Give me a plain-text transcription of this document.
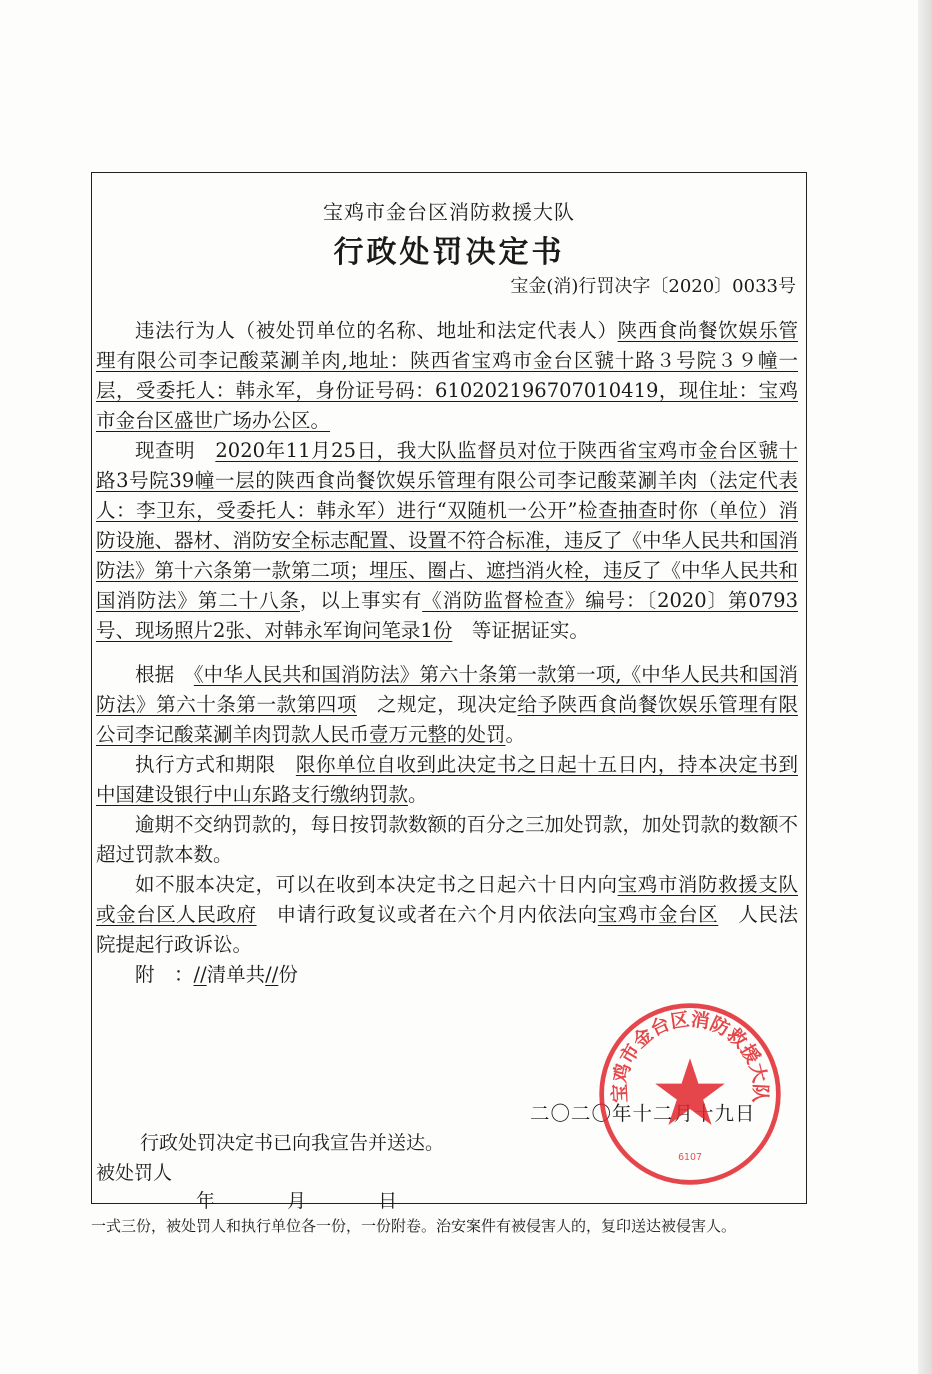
宝鸡市金台区消防救援大队
行政处罚决定书
宝金(消)行罚决字〔2020〕0033号

违法行为人（被处罚单位的名称、地址和法定代表人）陕西食尚餐饮娱乐管理有限公司李记酸菜涮羊肉,地址：陕西省宝鸡市金台区虢十路３号院３９幢一层，受委托人：韩永军，身份证号码：610202196707010419，现住址：宝鸡市金台区盛世广场办公区。

现查明　 2020年11月25日，我大队监督员对位于陕西省宝鸡市金台区虢十路3号院39幢一层的陕西食尚餐饮娱乐管理有限公司李记酸菜涮羊肉（法定代表人：李卫东，受委托人：韩永军）进行“双随机一公开”检查抽查时你（单位）消防设施、器材、消防安全标志配置、设置不符合标准，违反了《中华人民共和国消防法》第十六条第一款第二项；埋压、圈占、遮挡消火栓，违反了《中华人民共和国消防法》第二十八条，以上事实有《消防监督检查》编号：〔2020〕第0793号、现场照片2张、对韩永军询问笔录1份　 等证据证实。

根据　 《中华人民共和国消防法》第六十条第一款第一项,《中华人民共和国消防法》第六十条第一款第四项　 之规定，现决定给予陕西食尚餐饮娱乐管理有限公司李记酸菜涮羊肉罚款人民币壹万元整的处罚。

执行方式和期限　 限你单位自收到此决定书之日起十五日内，持本决定书到中国建设银行中山东路支行缴纳罚款。

逾期不交纳罚款的，每日按罚款数额的百分之三加处罚款，加处罚款的数额不超过罚款本数。

如不服本决定，可以在收到本决定书之日起六十日内向宝鸡市消防救援支队或金台区人民政府　 申请行政复议或者在六个月内依法向宝鸡市金台区　 人民法院提起行政诉讼。

附　：//清单共//份

二〇二〇年十二月十九日
宝鸡市金台区消防救援大队
6107
行政处罚决定书已向我宣告并送达。
被处罚人
年	月	日
一式三份，被处罚人和执行单位各一份，一份附卷。治安案件有被侵害人的，复印送达被侵害人。
